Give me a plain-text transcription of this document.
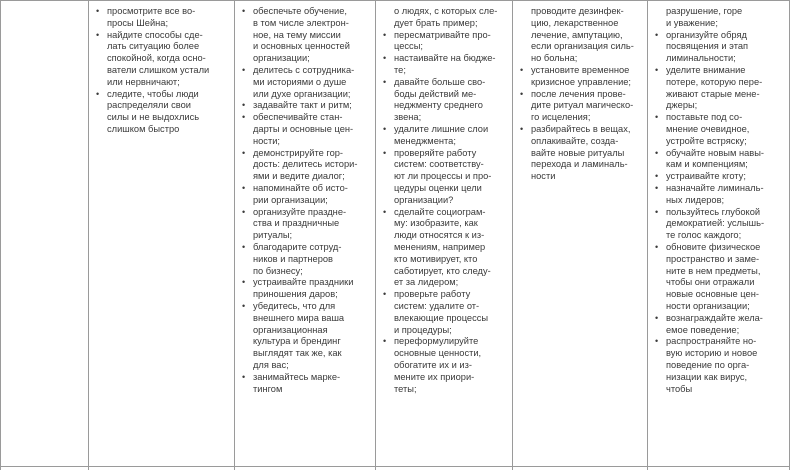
• просмотрите все во-
просы Шейна;
• найдите способы сде-
лать ситуацию более
спокойной, когда осно-
ватели слишком устали
или нервничают;
• следите, чтобы люди
распределяли свои
силы и не выдохлись
слишком быстро
• обеспечьте обучение,
в том числе электрон-
ное, на тему миссии
и основных ценностей
организации;
• делитесь с сотрудника-
ми историями о душе
или духе организации;
• задавайте такт и ритм;
• обеспечивайте стан-
дарты и основные цен-
ности;
• демонстрируйте гор-
дость: делитесь истори-
ями и ведите диалог;
• напоминайте об исто-
рии организации;
• организуйте праздне-
ства и праздничные
ритуалы;
• благодарите сотруд-
ников и партнеров
по бизнесу;
• устраивайте праздники
приношения даров;
• убедитесь, что для
внешнего мира ваша
организационная
культура и брендинг
выглядят так же, как
для вас;
• занимайтесь марке-
тингом
о людях, с которых сле-
дует брать пример;
• пересматривайте про-
цессы;
• настаивайте на бюдже-
те;
• давайте больше сво-
боды действий ме-
неджменту среднего
звена;
• удалите лишние слои
менеджмента;
• проверяйте работу
систем: соответству-
ют ли процессы и про-
цедуры оценки цели
организации?
• сделайте социограм-
му: изобразите, как
люди относятся к из-
менениям, например
кто мотивирует, кто
саботирует, кто следу-
ет за лидером;
• проверьте работу
систем: удалите от-
влекающие процессы
и процедуры;
• переформулируйте
основные ценности,
обогатите их и из-
мените их приори-
теты;
проводите дезинфек-
цию, лекарственное
лечение, ампутацию,
если организация силь-
но больна;
• установите временное
кризисное управление;
• после лечения прове-
дите ритуал магическо-
го исцеления;
• разбирайтесь в вещах,
оплакивайте, созда-
вайте новые ритуалы
перехода и ламиналь-
ности
разрушение, горе
и уважение;
• организуйте обряд
посвящения и этап
лиминальности;
• уделите внимание
потере, которую пере-
живают старые мене-
джеры;
• поставьте под со-
мнение очевидное,
устройте встряску;
• обучайте новым навы-
кам и компенциям;
• устраивайте кготу;
• назначайте лиминаль-
ных лидеров;
• пользуйтесь глубокой
демократией: услышь-
те голос каждого;
• обновите физическое
пространство и заме-
ните в нем предметы,
чтобы они отражали
новые основные цен-
ности организации;
• вознаграждайте жела-
емое поведение;
• распространяйте но-
вую историю и новое
поведение по орга-
низации как вирус,
чтобы
